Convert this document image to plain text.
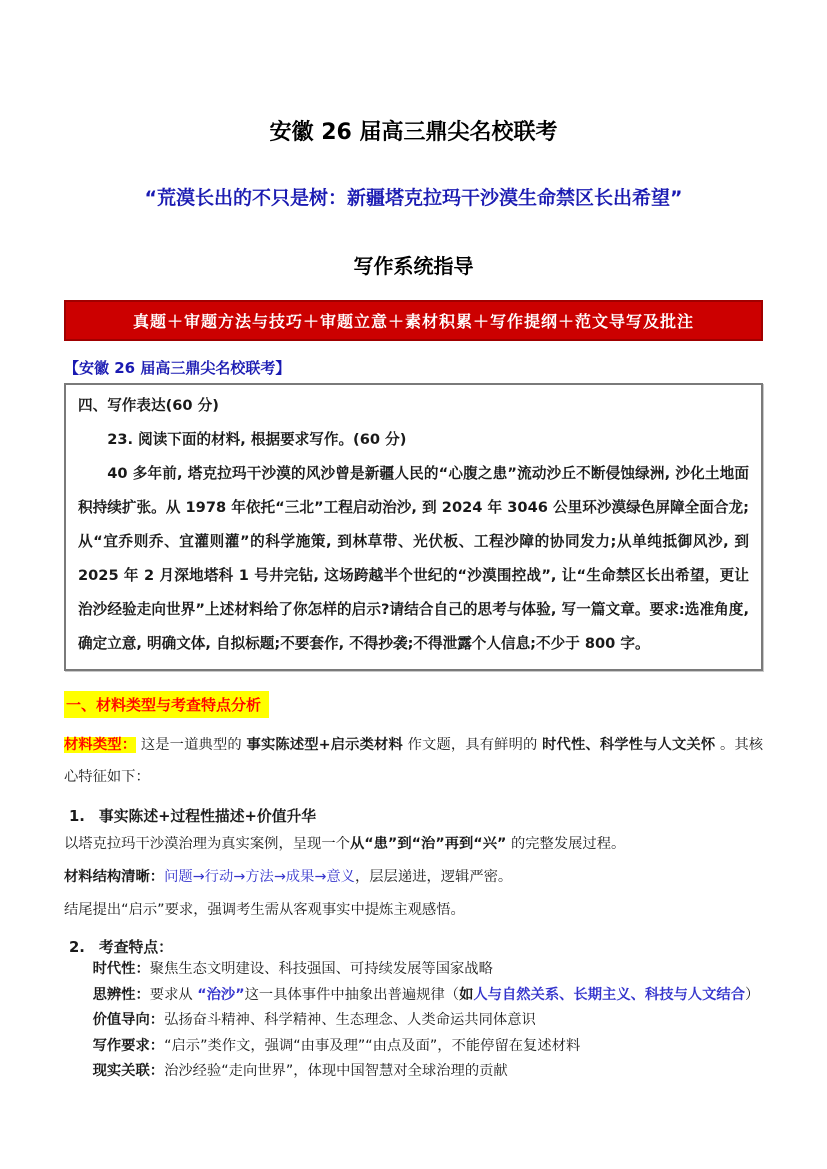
安徽 26 届高三鼎尖名校联考
“荒漠长出的不只是树：新疆塔克拉玛干沙漠生命禁区长出希望”
写作系统指导
真题＋审题方法与技巧＋审题立意＋素材积累＋写作提纲＋范文导写及批注
【安徽 26 届高三鼎尖名校联考】

四、写作表达(60 分)

23. 阅读下面的材料, 根据要求写作。(60 分)

40 多年前, 塔克拉玛干沙漠的风沙曾是新疆人民的“心腹之患”流动沙丘不断侵蚀绿洲, 沙化土地面积持续扩张。从 1978 年依托“三北”工程启动治沙, 到 2024 年 3046 公里环沙漠绿色屏障全面合龙;从“宜乔则乔、宜灌则灌”的科学施策, 到林草带、光伏板、工程沙障的协同发力;从单纯抵御风沙, 到 2025 年 2 月深地塔科 1 号井完钻, 这场跨越半个世纪的“沙漠围控战”, 让“生命禁区长出希望，更让治沙经验走向世界”上述材料给了你怎样的启示?请结合自己的思考与体验, 写一篇文章。要求:选准角度, 确定立意, 明确文体, 自拟标题;不要套作, 不得抄袭;不得泄露个人信息;不少于 800 字。

一、材料类型与考查特点分析

材料类型： 这是一道典型的 事实陈述型+启示类材料 作文题，具有鲜明的 时代性、科学性与人文关怀 。其核心特征如下：

1. 事实陈述+过程性描述+价值升华

以塔克拉玛干沙漠治理为真实案例，呈现一个从“患”到“治”再到“兴” 的完整发展过程。

材料结构清晰：问题→行动→方法→成果→意义，层层递进，逻辑严密。

结尾提出“启示”要求，强调考生需从客观事实中提炼主观感悟。

2. 考查特点：

时代性：聚焦生态文明建设、科技强国、可持续发展等国家战略

思辨性：要求从 “治沙”这一具体事件中抽象出普遍规律（如人与自然关系、长期主义、科技与人文结合）

价值导向：弘扬奋斗精神、科学精神、生态理念、人类命运共同体意识

写作要求：“启示”类作文，强调“由事及理”“由点及面”，不能停留在复述材料

现实关联：治沙经验“走向世界”，体现中国智慧对全球治理的贡献
